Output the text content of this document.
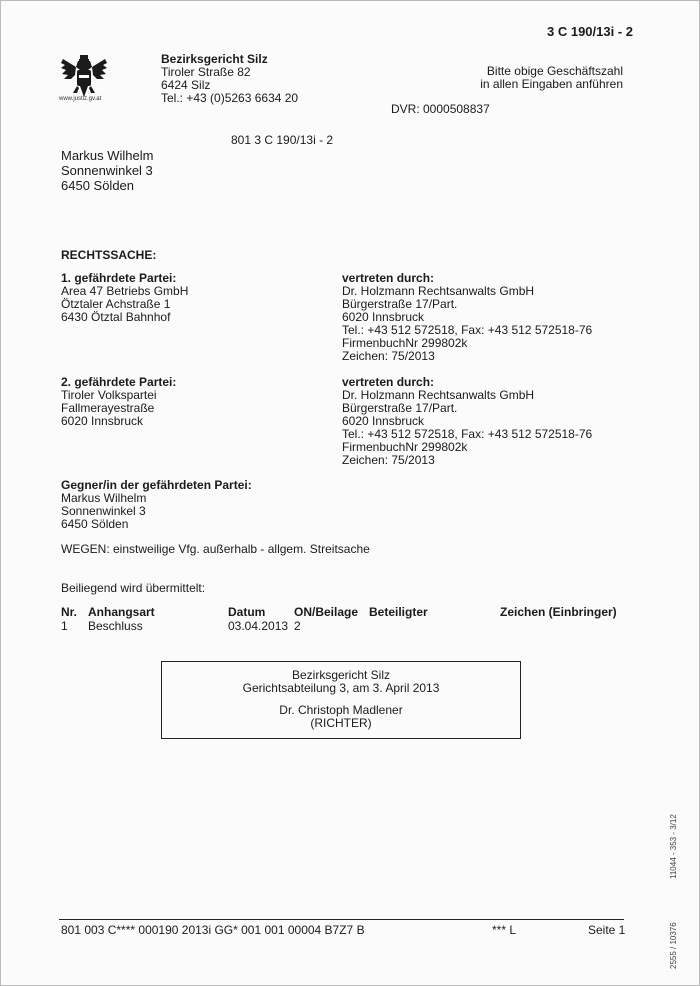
3 C 190/13i - 2
www.justiz.gv.at
Bezirksgericht Silz
Tiroler Straße 82
6424 Silz
Tel.: +43 (0)5263 6634 20
Bitte obige Geschäftszahl
in allen Eingaben anführen
DVR: 0000508837
801 3 C 190/13i - 2
Markus Wilhelm
Sonnenwinkel 3
6450 Sölden
RECHTSSACHE:
1. gefährdete Partei:
Area 47 Betriebs GmbH
Ötztaler Achstraße 1
6430 Ötztal Bahnhof
vertreten durch:
Dr. Holzmann Rechtsanwalts GmbH
Bürgerstraße 17/Part.
6020 Innsbruck
Tel.: +43 512 572518, Fax: +43 512 572518-76
FirmenbuchNr 299802k
Zeichen: 75/2013
2. gefährdete Partei:
Tiroler Volkspartei
Fallmerayestraße
6020 Innsbruck
vertreten durch:
Dr. Holzmann Rechtsanwalts GmbH
Bürgerstraße 17/Part.
6020 Innsbruck
Tel.: +43 512 572518, Fax: +43 512 572518-76
FirmenbuchNr 299802k
Zeichen: 75/2013
Gegner/in der gefährdeten Partei:
Markus Wilhelm
Sonnenwinkel 3
6450 Sölden
WEGEN: einstweilige Vfg. außerhalb - allgem. Streitsache
Beiliegend wird übermittelt:
Nr. Anhangsart	Datum ON/Beilage Beteiligter	Zeichen (Einbringer)
1 Beschluss	03.04.2013 2
Bezirksgericht Silz
Gerichtsabteilung 3, am 3. April 2013
Dr. Christoph Madlener
(RICHTER)
11044 - 353 - 3/12
2555 / 10376
801 003 C**** 000190 2013i GG* 001 001 00004 B7Z7 B	*** L	Seite 1
